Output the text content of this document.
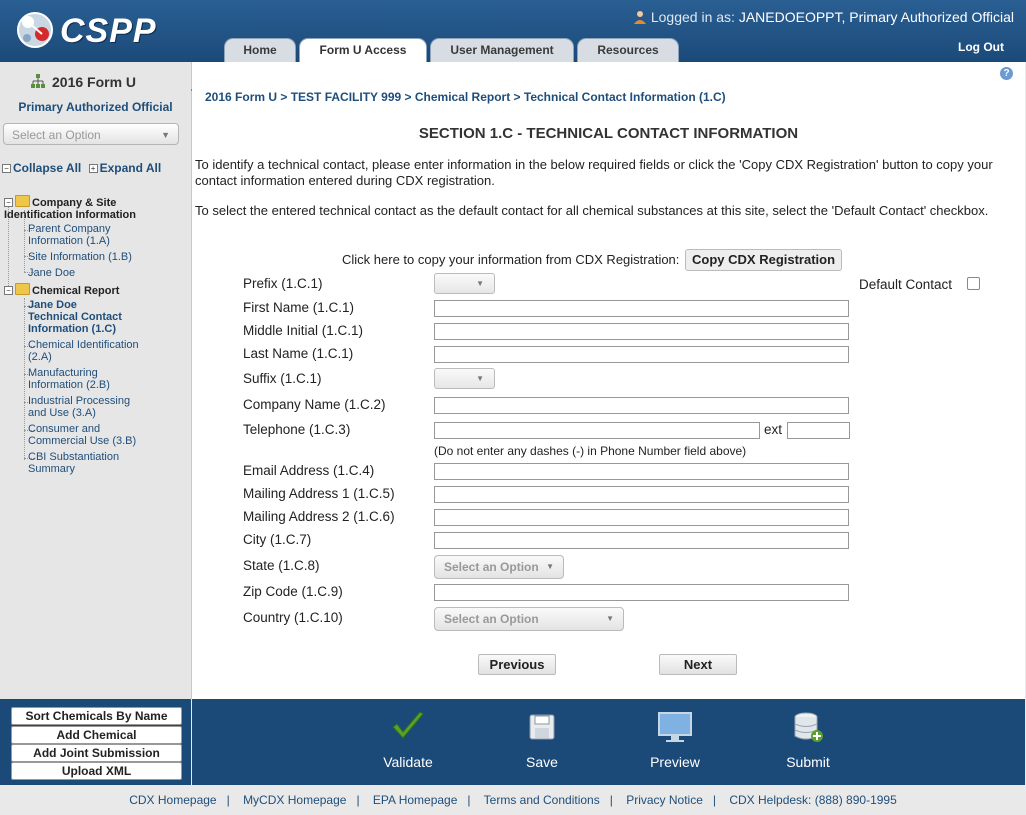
CSPP	Logged in as: JANEDOEOPPT, Primary Authorized Official
Home	Form U Access	User Management	Resources	Log Out
2016 Form U
Primary Authorized Official
Select an Option	▼
− Collapse All + Expand All
− Company & Site Identification Information
Parent Company Information (1.A)
Site Information (1.B)
Jane Doe
− Chemical Report
Jane Doe Technical Contact Information (1.C)
Chemical Identification (2.A)
Manufacturing Information (2.B)
Industrial Processing and Use (3.A)
Consumer and Commercial Use (3.B)
CBI Substantiation Summary
Sort Chemicals By Name
Add Chemical
Add Joint Submission
Upload XML
?
2016 Form U > TEST FACILITY 999 > Chemical Report > Technical Contact Information (1.C)
SECTION 1.C - TECHNICAL CONTACT INFORMATION
To identify a technical contact, please enter information in the below required fields or click the 'Copy CDX Registration' button to copy your contact information entered during CDX registration.
To select the entered technical contact as the default contact for all chemical substances at this site, select the 'Default Contact' checkbox.
Click here to copy your information from CDX Registration: Copy CDX Registration
Prefix (1.C.1)	▼	Default Contact
First Name (1.C.1)
Middle Initial (1.C.1)
Last Name (1.C.1)
Suffix (1.C.1)	▼
Company Name (1.C.2)
Telephone (1.C.3)	ext
(Do not enter any dashes (-) in Phone Number field above)
Email Address (1.C.4)
Mailing Address 1 (1.C.5)
Mailing Address 2 (1.C.6)
City (1.C.7)
State (1.C.8)	Select an Option ▼
Zip Code (1.C.9)
Country (1.C.10)	Select an Option	▼
Previous	Next
Validate	Save	Preview	Submit
CDX Homepage | MyCDX Homepage | EPA Homepage | Terms and Conditions | Privacy Notice | CDX Helpdesk: (888) 890-1995
